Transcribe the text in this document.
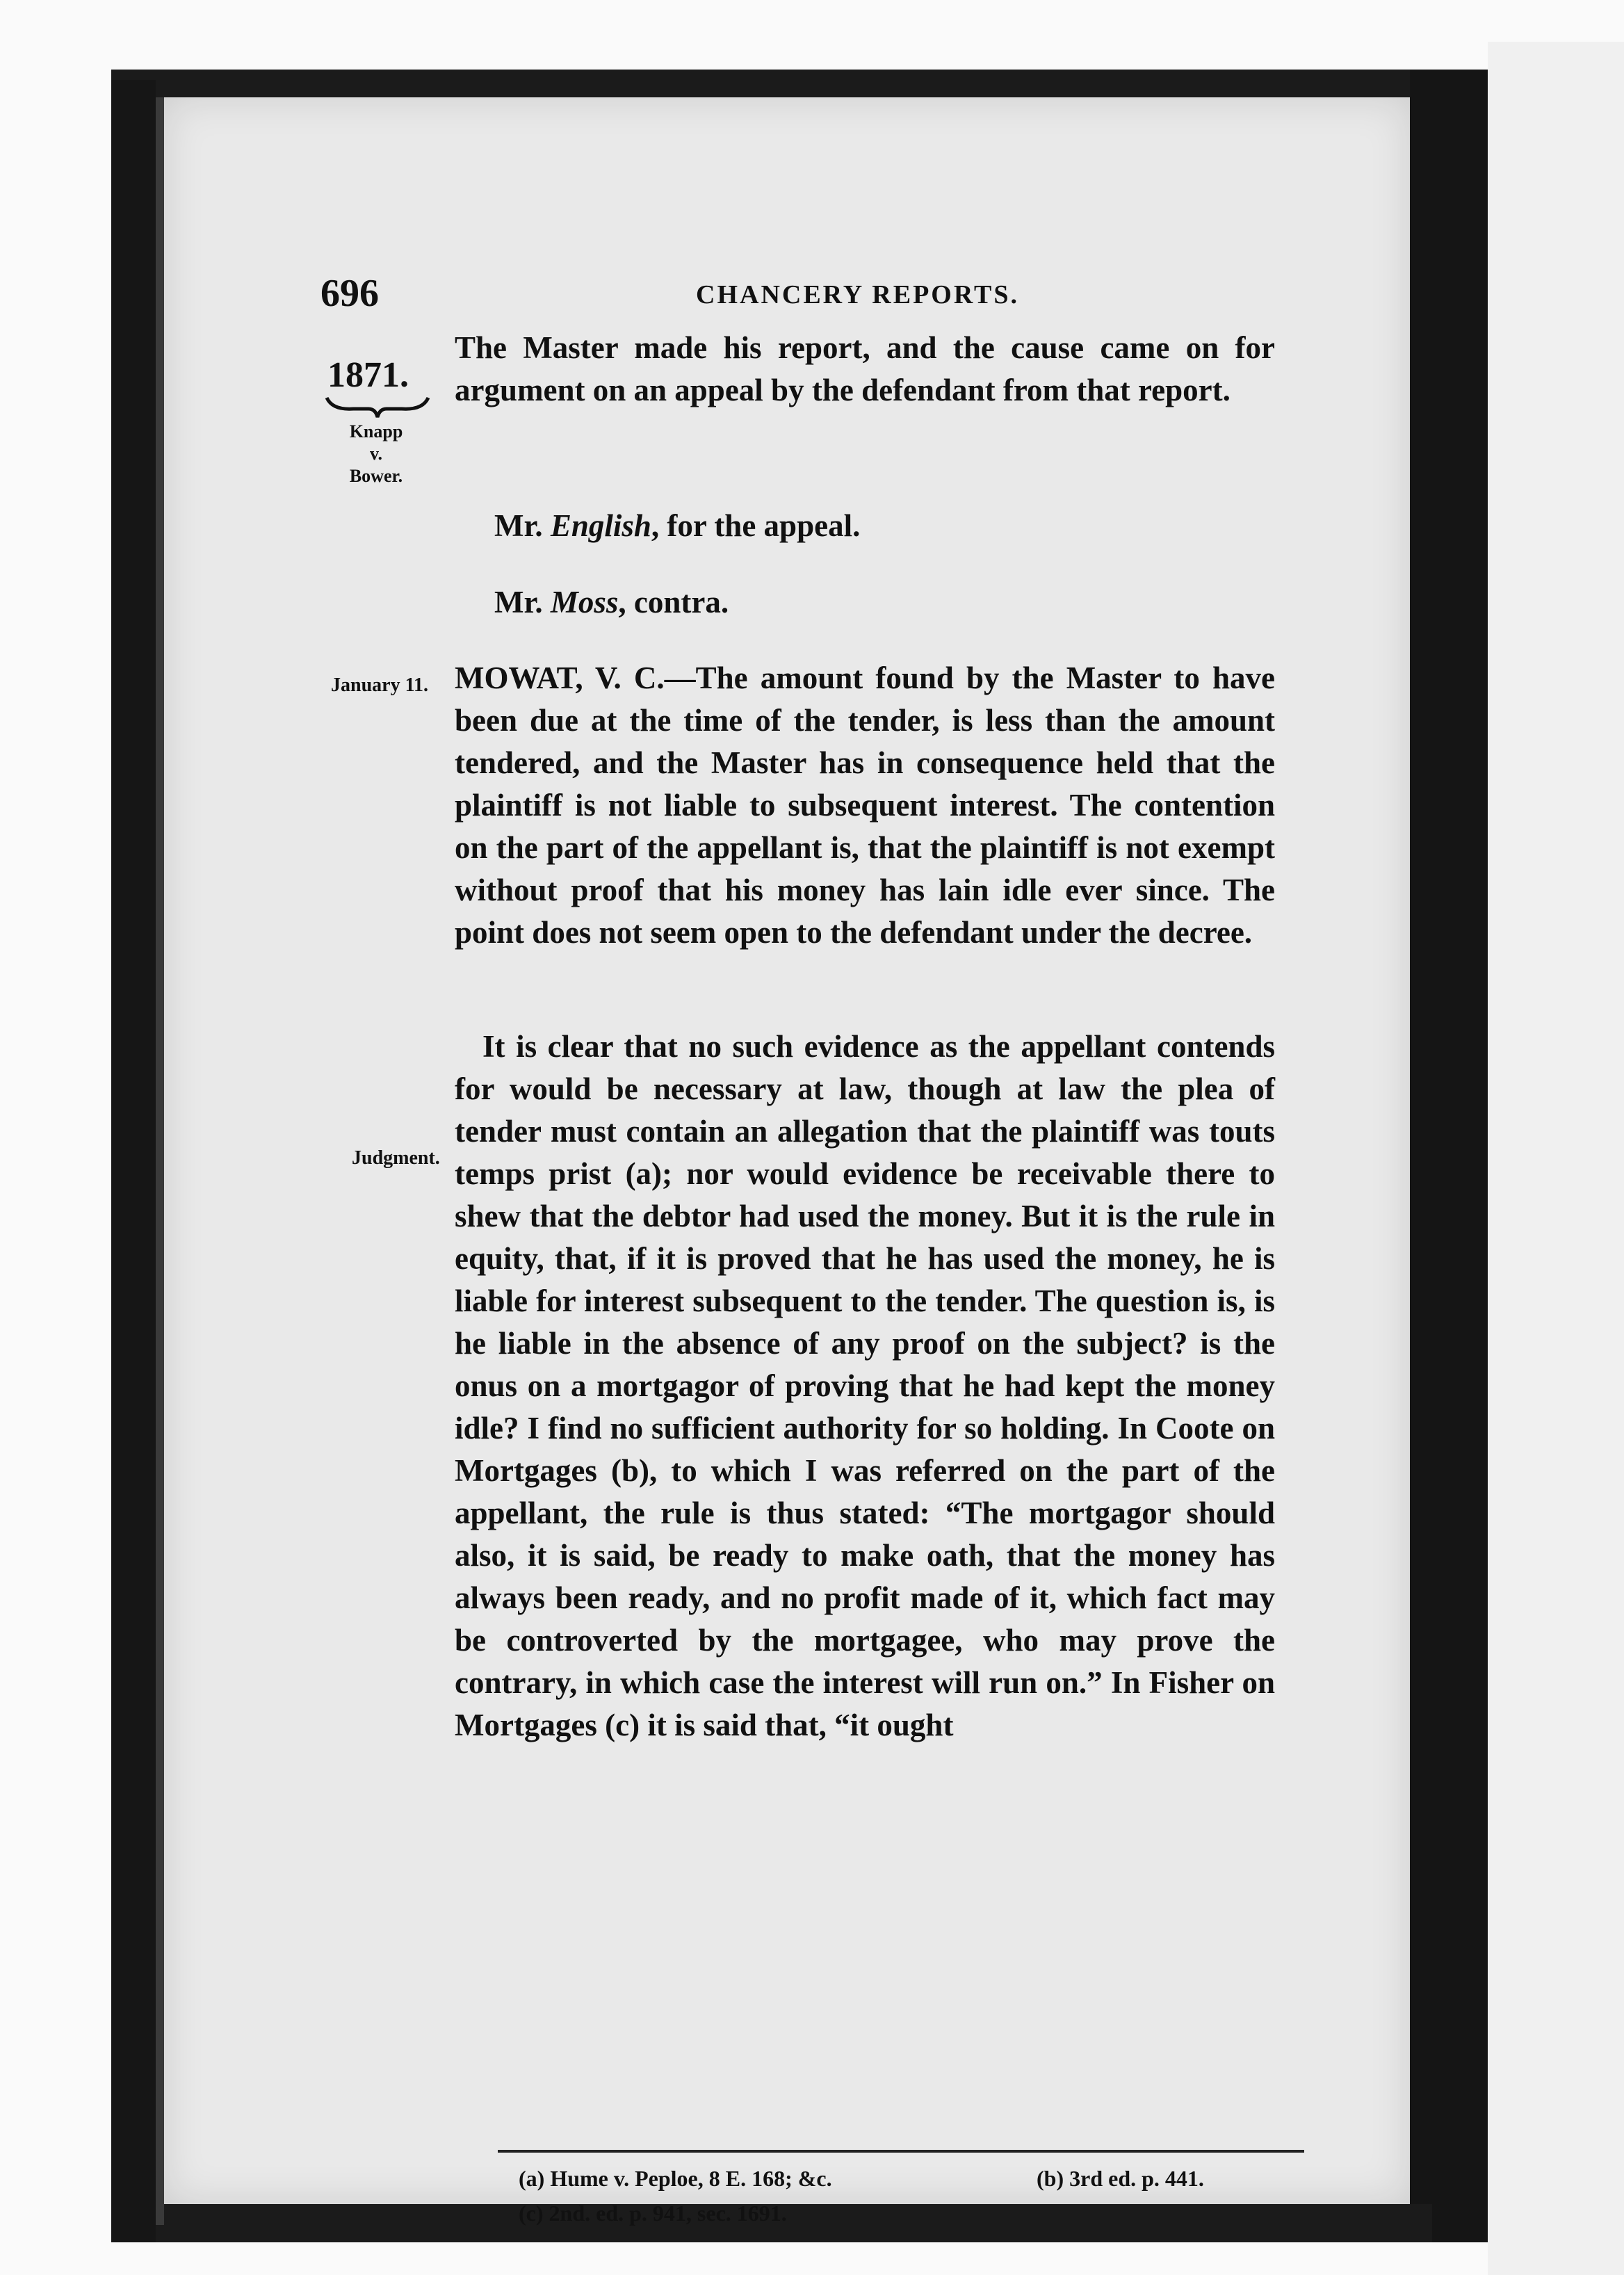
696	CHANCERY REPORTS.
1871.
Knapp
v.
Bower.
January 11.
Judgment.
The Master made his report, and the cause came on for argument on an appeal by the defendant from that report.
Mr. English, for the appeal.
Mr. Moss, contra.
MOWAT, V. C.—The amount found by the Master to have been due at the time of the tender, is less than the amount tendered, and the Master has in consequence held that the plaintiff is not liable to subsequent interest. The contention on the part of the appellant is, that the plaintiff is not exempt without proof that his money has lain idle ever since. The point does not seem open to the defendant under the decree.
It is clear that no such evidence as the appellant contends for would be necessary at law, though at law the plea of tender must contain an allegation that the plaintiff was touts temps prist (a); nor would evidence be receivable there to shew that the debtor had used the money. But it is the rule in equity, that, if it is proved that he has used the money, he is liable for interest subsequent to the tender. The question is, is he liable in the absence of any proof on the subject? is the onus on a mortgagor of proving that he had kept the money idle? I find no sufficient authority for so holding. In Coote on Mortgages (b), to which I was referred on the part of the appellant, the rule is thus stated: “The mortgagor should also, it is said, be ready to make oath, that the money has always been ready, and no profit made of it, which fact may be controverted by the mortgagee, who may prove the contrary, in which case the interest will run on.” In Fisher on Mortgages (c) it is said that, “it ought
(a) Hume v. Peploe, 8 E. 168; &c.	(b) 3rd ed. p. 441.
(c) 2nd. ed. p. 941, sec. 1691.
